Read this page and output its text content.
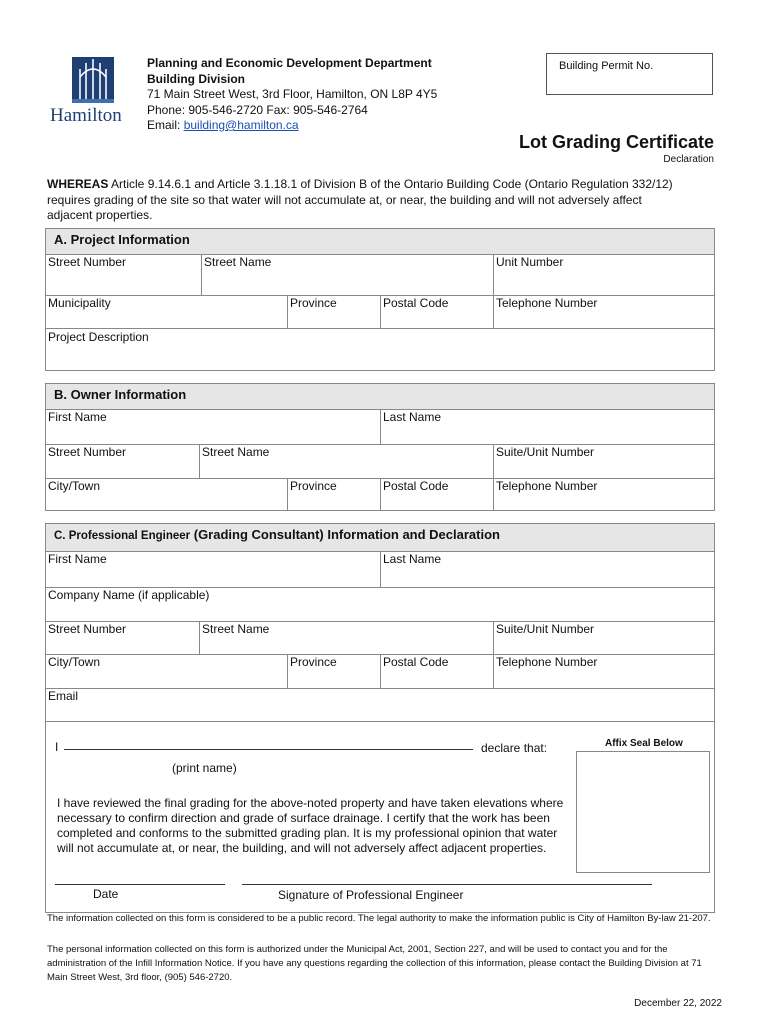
Hamilton
Planning and Economic Development Department
Building Division
71 Main Street West, 3rd Floor, Hamilton, ON L8P 4Y5
Phone: 905-546-2720 Fax: 905-546-2764
Email: building@hamilton.ca
Building Permit No.
Lot Grading Certificate
Declaration
WHEREAS Article 9.14.6.1 and Article 3.1.18.1 of Division B of the Ontario Building Code (Ontario Regulation 332/12) requires grading of the site so that water will not accumulate at, or near, the building and will not adversely affect adjacent properties.
A. Project Information
Street Number	Street Name	Unit Number
Municipality	Province	Postal Code	Telephone Number
Project Description
B. Owner Information
First Name	Last Name
Street Number	Street Name	Suite/Unit Number
City/Town	Province	Postal Code	Telephone Number
C. Professional Engineer (Grading Consultant) Information and Declaration
First Name	Last Name
Company Name (if applicable)
Street Number	Street Name	Suite/Unit Number
City/Town	Province	Postal Code	Telephone Number
Email
I	declare that:
(print name)
Affix Seal Below
I have reviewed the final grading for the above-noted property and have taken elevations where necessary to confirm direction and grade of surface drainage. I certify that the work has been completed and conforms to the submitted grading plan. It is my professional opinion that water will not accumulate at, or near, the building, and will not adversely affect adjacent properties.
Date	Signature of Professional Engineer
The information collected on this form is considered to be a public record. The legal authority to make the information public is City of Hamilton By-law 21-207.
The personal information collected on this form is authorized under the Municipal Act, 2001, Section 227, and will be used to contact you and for the administration of the Infill Information Notice. If you have any questions regarding the collection of this information, please contact the Building Division at 71 Main Street West, 3rd floor, (905) 546-2720.
December 22, 2022
